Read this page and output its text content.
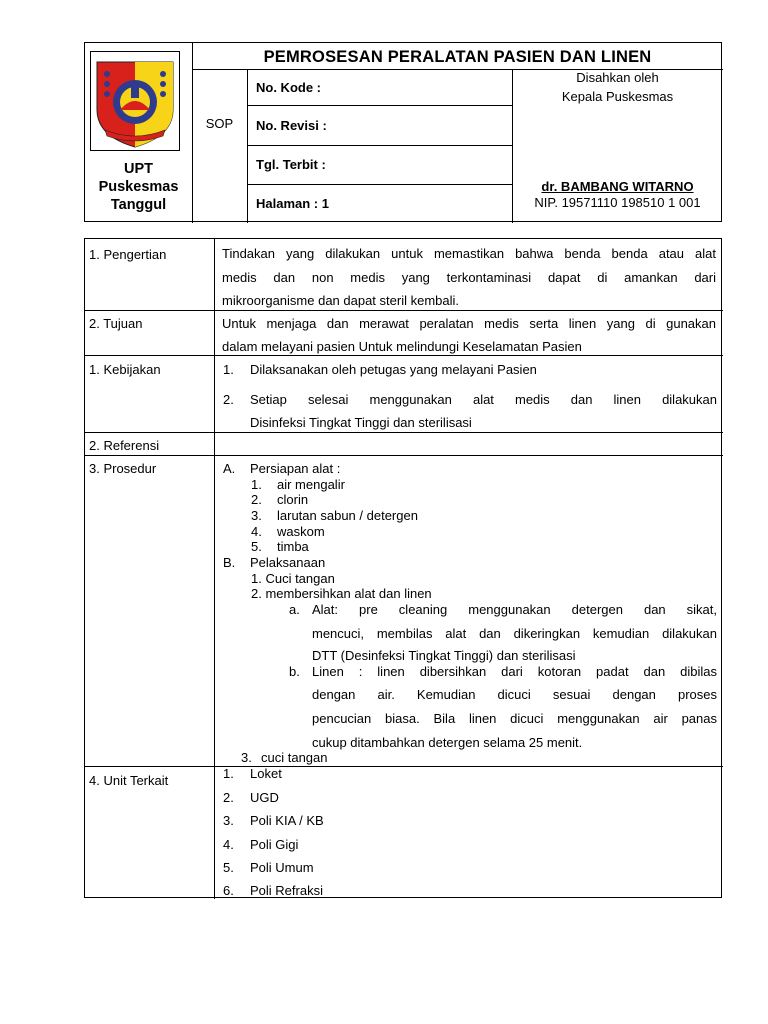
UPT
Puskesmas
Tanggul
PEMROSESAN PERALATAN PASIEN DAN LINEN
SOP
No. Kode :
No. Revisi :
Tgl. Terbit :
Halaman : 1
Disahkan oleh
Kepala Puskesmas
dr. BAMBANG WITARNO
NIP. 19571110 198510 1 001
1. Pengertian	Tindakan yang dilakukan untuk memastikan bahwa benda benda atau alat
medis dan non medis yang terkontaminasi dapat di amankan dari
mikroorganisme dan dapat steril kembali.
2. Tujuan	Untuk menjaga dan merawat peralatan medis serta linen yang di gunakan
dalam melayani pasien Untuk melindungi Keselamatan Pasien
1. Kebijakan	1. Dilaksanakan oleh petugas yang melayani Pasien
2. Setiap selesai menggunakan alat medis dan linen dilakukan
Disinfeksi Tingkat Tinggi dan sterilisasi
2. Referensi
3. Prosedur	A. Persiapan alat :
1. air mengalir
2. clorin
3. larutan sabun / detergen
4. waskom
5. timba
B. Pelaksanaan
1. Cuci tangan
2. membersihkan alat dan linen
a. Alat: pre cleaning menggunakan detergen dan sikat,
mencuci, membilas alat dan dikeringkan kemudian dilakukan
DTT (Desinfeksi Tingkat Tinggi) dan sterilisasi
b. Linen : linen dibersihkan dari kotoran padat dan dibilas
dengan air. Kemudian dicuci sesuai dengan proses
pencucian biasa. Bila linen dicuci menggunakan air panas
cukup ditambahkan detergen selama 25 menit.
3. cuci tangan
4. Unit Terkait	1. Loket
2. UGD
3. Poli KIA / KB
4. Poli Gigi
5. Poli Umum
6. Poli Refraksi
